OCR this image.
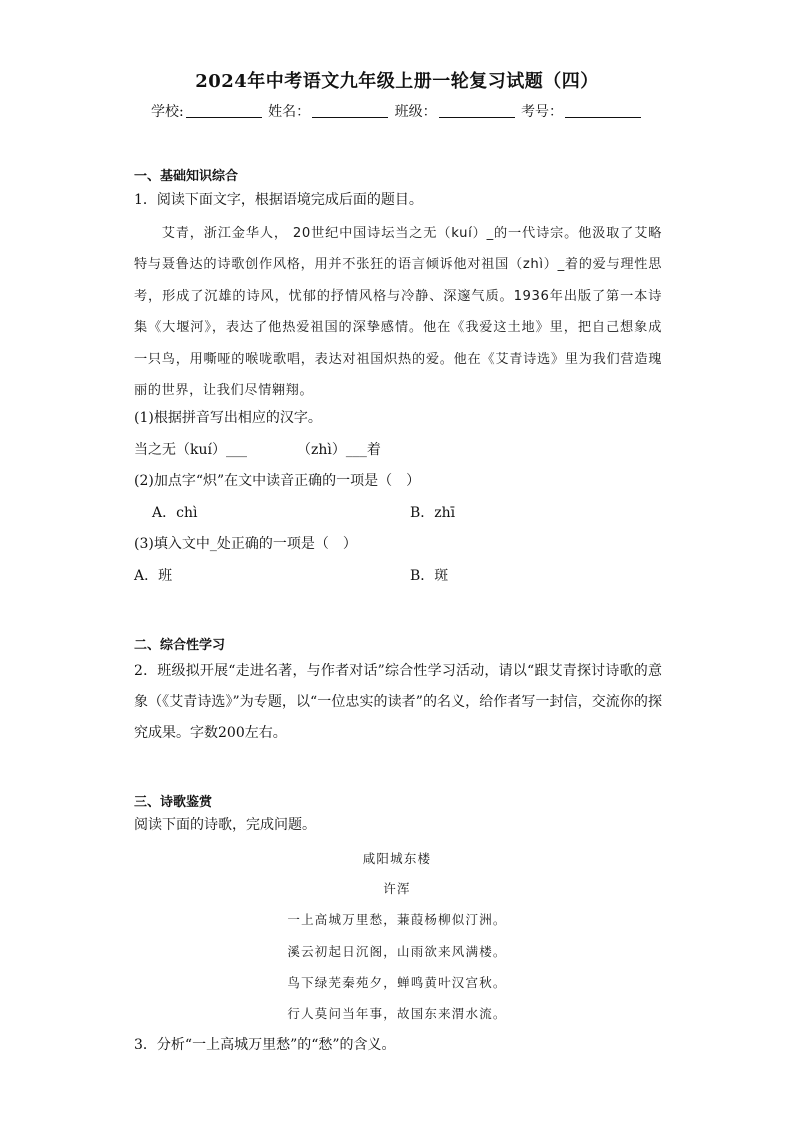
2024年中考语文九年级上册一轮复习试题（四）
学校:	姓名：	班级：	考号：
一、基础知识综合
1．阅读下面文字，根据语境完成后面的题目。
艾青，浙江金华人， 20世纪中国诗坛当之无（kuí）_的一代诗宗。他汲取了艾略特与聂鲁达的诗歌创作风格，用并不张狂的语言倾诉他对祖国（zhì）_着的爱与理性思考，形成了沉雄的诗风，忧郁的抒情风格与冷静、深邃气质。1936年出版了第一本诗集《大堰河》，表达了他热爱祖国的深挚感情。他在《我爱这土地》里，把自己想象成一只鸟，用嘶哑的喉咙歌唱，表达对祖国炽热的爱。他在《艾青诗选》里为我们营造瑰丽的世界，让我们尽情翱翔。
(1)根据拼音写出相应的汉字。
当之无（kuí）___	（zhì）___着
(2)加点字“炽”在文中读音正确的一项是（　）
A．chì	B．zhī
(3)填入文中_处正确的一项是（　）
A．班	B．斑
二、综合性学习
2．班级拟开展“走进名著，与作者对话”综合性学习活动，请以“跟艾青探讨诗歌的意象（《艾青诗选》”为专题，以“一位忠实的读者”的名义，给作者写一封信，交流你的探究成果。字数200左右。
三、诗歌鉴赏
阅读下面的诗歌，完成问题。
咸阳城东楼
许浑
一上高城万里愁，蒹葭杨柳似汀洲。
溪云初起日沉阁，山雨欲来风满楼。
鸟下绿芜秦苑夕，蝉鸣黄叶汉宫秋。
行人莫问当年事，故国东来渭水流。
3．分析“一上高城万里愁”的“愁”的含义。
